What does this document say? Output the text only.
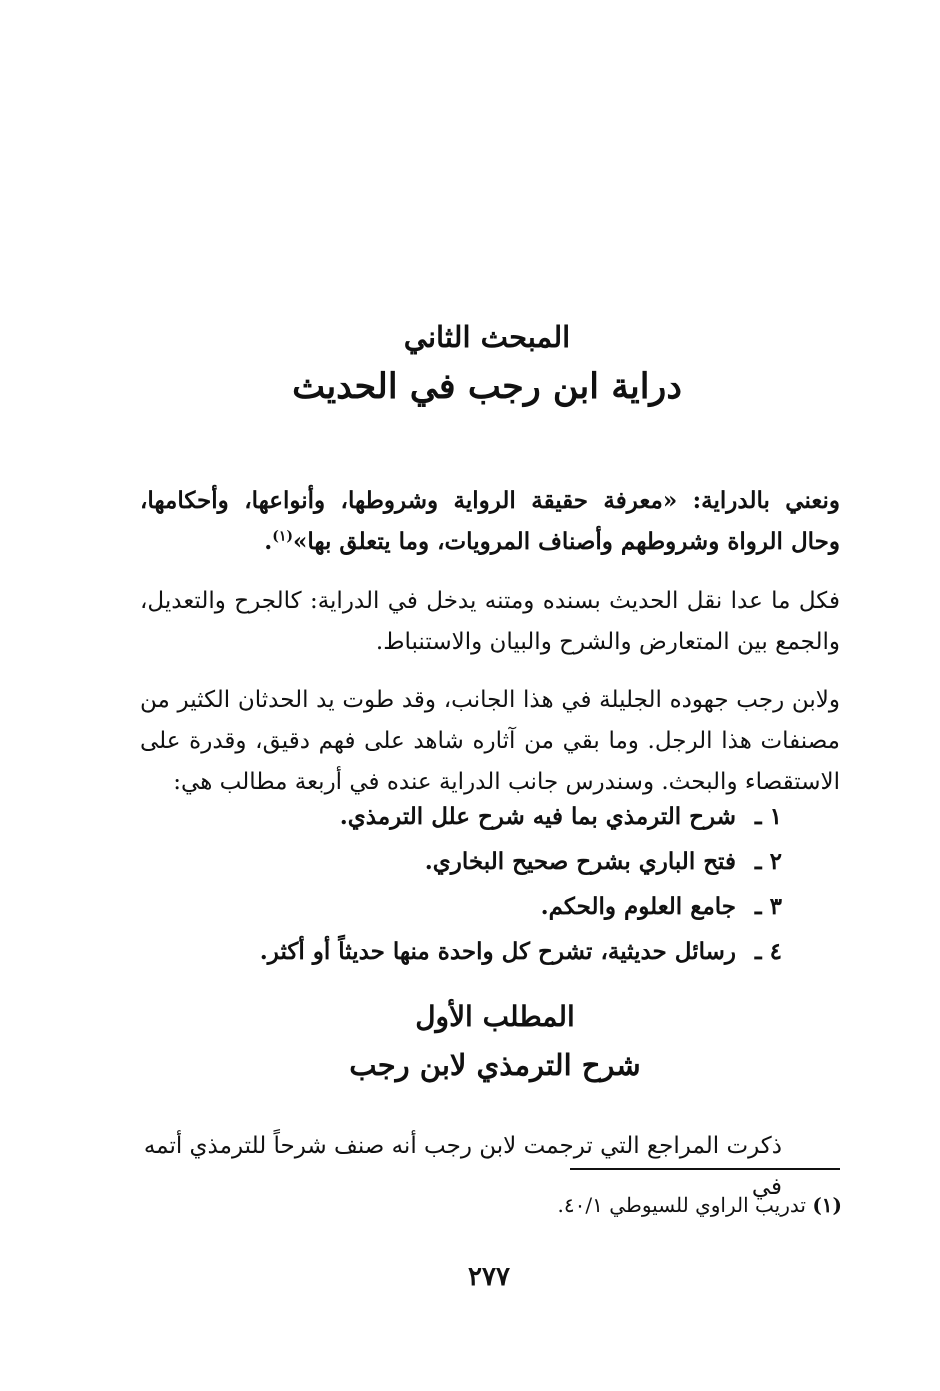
المبحث الثاني
دراية ابن رجب في الحديث

ونعني بالدراية: «معرفة حقيقة الرواية وشروطها، وأنواعها، وأحكامها، وحال الرواة وشروطهم وأصناف المرويات، وما يتعلق بها»$^{(١)}$.

فكل ما عدا نقل الحديث بسنده ومتنه يدخل في الدراية: كالجرح والتعديل، والجمع بين المتعارض والشرح والبيان والاستنباط.

ولابن رجب جهوده الجليلة في هذا الجانب، وقد طوت يد الحدثان الكثير من مصنفات هذا الرجل. وما بقي من آثاره شاهد على فهم دقيق، وقدرة على الاستقصاء والبحث. وسندرس جانب الدراية عنده في أربعة مطالب هي:

١ ـشرح الترمذي بما فيه شرح علل الترمذي.
٢ ـفتح الباري بشرح صحيح البخاري.
٣ ـجامع العلوم والحكم.
٤ ـرسائل حديثية، تشرح كل واحدة منها حديثاً أو أكثر.
المطلب الأول
شرح الترمذي لابن رجب

ذكرت المراجع التي ترجمت لابن رجب أنه صنف شرحاً للترمذي أتمه في

(١) تدريب الراوي للسيوطي ٤٠/١.
٢٧٧
